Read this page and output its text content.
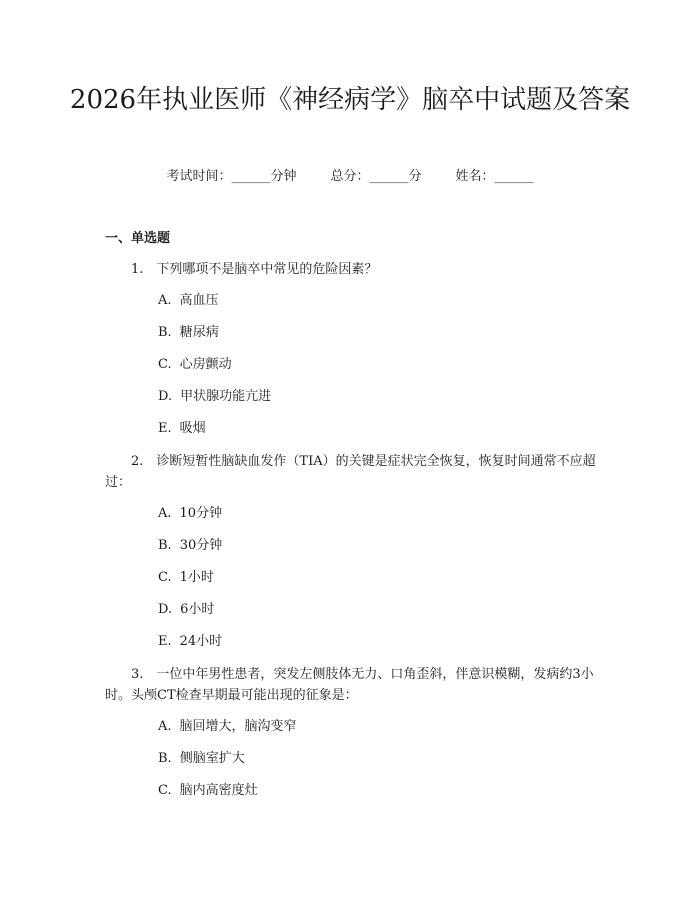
2026年执业医师《神经病学》脑卒中试题及答案
考试时间：______分钟	总分：______分	姓名：______
一、单选题
1. 下列哪项不是脑卒中常见的危险因素？
A. 高血压
B. 糖尿病
C. 心房颤动
D. 甲状腺功能亢进
E. 吸烟
2. 诊断短暂性脑缺血发作（TIA）的关键是症状完全恢复，恢复时间通常不应超过：
A. 10分钟
B. 30分钟
C. 1小时
D. 6小时
E. 24小时
3. 一位中年男性患者，突发左侧肢体无力、口角歪斜，伴意识模糊，发病约3小时。头颅CT检查早期最可能出现的征象是：
A. 脑回增大，脑沟变窄
B. 侧脑室扩大
C. 脑内高密度灶
